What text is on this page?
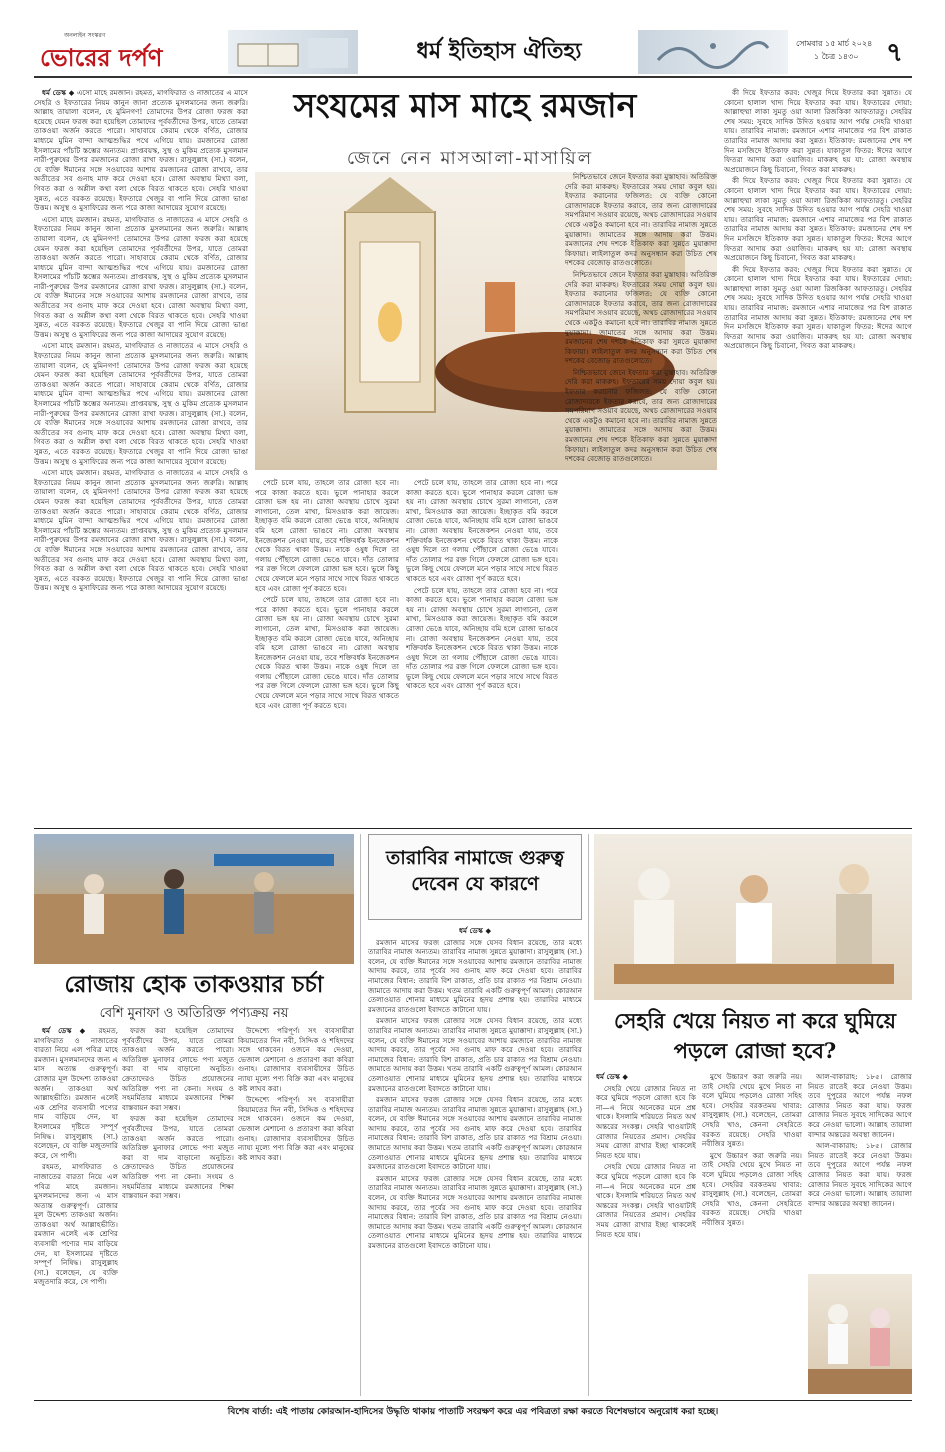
অনলাইন সংস্করণ
ভোরের দর্পণ	ধর্ম ইতিহাস ঐতিহ্য	সোমবার ১৫ মার্চ ২০২৪
১ চৈত্র ১৪৩০ ৭
সংযমের মাস মাহে রমজান
জেনে নেন মাসআলা-মাসায়িল

ধর্ম ডেস্ক ◆ এসো মাহে রমজান। রহমত, মাগফিরাত ও নাজাতের এ মাসে সেহরি ও ইফতারের নিয়ম কানুন জানা প্রত্যেক মুসলমানের জন্য জরুরি। আল্লাহ তায়ালা বলেন, হে মুমিনগণ! তোমাদের উপর রোজা ফরজ করা হয়েছে যেমন ফরজ করা হয়েছিল তোমাদের পূর্ববর্তীদের উপর, যাতে তোমরা তাকওয়া অর্জন করতে পারো। সাহাবায়ে কেরাম থেকে বর্ণিত, রোজার মাধ্যমে মুমিন বান্দা আত্মশুদ্ধির পথে এগিয়ে যায়। রমজানের রোজা ইসলামের পাঁচটি স্তম্ভের অন্যতম। প্রাপ্তবয়স্ক, সুস্থ ও মুকিম প্রত্যেক মুসলমান নারী-পুরুষের উপর রমজানের রোজা রাখা ফরজ। রাসুলুল্লাহ (সা.) বলেন, যে ব্যক্তি ঈমানের সঙ্গে সওয়াবের আশায় রমজানের রোজা রাখবে, তার অতীতের সব গুনাহ মাফ করে দেওয়া হবে। রোজা অবস্থায় মিথ্যা বলা, গিবত করা ও অশ্লীল কথা বলা থেকে বিরত থাকতে হবে। সেহরি খাওয়া সুন্নত, এতে বরকত রয়েছে। ইফতারে খেজুর বা পানি দিয়ে রোজা ভাঙা উত্তম। অসুস্থ ও মুসাফিরের জন্য পরে কাজা আদায়ের সুযোগ রয়েছে।

এসো মাহে রমজান। রহমত, মাগফিরাত ও নাজাতের এ মাসে সেহরি ও ইফতারের নিয়ম কানুন জানা প্রত্যেক মুসলমানের জন্য জরুরি। আল্লাহ তায়ালা বলেন, হে মুমিনগণ! তোমাদের উপর রোজা ফরজ করা হয়েছে যেমন ফরজ করা হয়েছিল তোমাদের পূর্ববর্তীদের উপর, যাতে তোমরা তাকওয়া অর্জন করতে পারো। সাহাবায়ে কেরাম থেকে বর্ণিত, রোজার মাধ্যমে মুমিন বান্দা আত্মশুদ্ধির পথে এগিয়ে যায়। রমজানের রোজা ইসলামের পাঁচটি স্তম্ভের অন্যতম। প্রাপ্তবয়স্ক, সুস্থ ও মুকিম প্রত্যেক মুসলমান নারী-পুরুষের উপর রমজানের রোজা রাখা ফরজ। রাসুলুল্লাহ (সা.) বলেন, যে ব্যক্তি ঈমানের সঙ্গে সওয়াবের আশায় রমজানের রোজা রাখবে, তার অতীতের সব গুনাহ মাফ করে দেওয়া হবে। রোজা অবস্থায় মিথ্যা বলা, গিবত করা ও অশ্লীল কথা বলা থেকে বিরত থাকতে হবে। সেহরি খাওয়া সুন্নত, এতে বরকত রয়েছে। ইফতারে খেজুর বা পানি দিয়ে রোজা ভাঙা উত্তম। অসুস্থ ও মুসাফিরের জন্য পরে কাজা আদায়ের সুযোগ রয়েছে।

এসো মাহে রমজান। রহমত, মাগফিরাত ও নাজাতের এ মাসে সেহরি ও ইফতারের নিয়ম কানুন জানা প্রত্যেক মুসলমানের জন্য জরুরি। আল্লাহ তায়ালা বলেন, হে মুমিনগণ! তোমাদের উপর রোজা ফরজ করা হয়েছে যেমন ফরজ করা হয়েছিল তোমাদের পূর্ববর্তীদের উপর, যাতে তোমরা তাকওয়া অর্জন করতে পারো। সাহাবায়ে কেরাম থেকে বর্ণিত, রোজার মাধ্যমে মুমিন বান্দা আত্মশুদ্ধির পথে এগিয়ে যায়। রমজানের রোজা ইসলামের পাঁচটি স্তম্ভের অন্যতম। প্রাপ্তবয়স্ক, সুস্থ ও মুকিম প্রত্যেক মুসলমান নারী-পুরুষের উপর রমজানের রোজা রাখা ফরজ। রাসুলুল্লাহ (সা.) বলেন, যে ব্যক্তি ঈমানের সঙ্গে সওয়াবের আশায় রমজানের রোজা রাখবে, তার অতীতের সব গুনাহ মাফ করে দেওয়া হবে। রোজা অবস্থায় মিথ্যা বলা, গিবত করা ও অশ্লীল কথা বলা থেকে বিরত থাকতে হবে। সেহরি খাওয়া সুন্নত, এতে বরকত রয়েছে। ইফতারে খেজুর বা পানি দিয়ে রোজা ভাঙা উত্তম। অসুস্থ ও মুসাফিরের জন্য পরে কাজা আদায়ের সুযোগ রয়েছে।

এসো মাহে রমজান। রহমত, মাগফিরাত ও নাজাতের এ মাসে সেহরি ও ইফতারের নিয়ম কানুন জানা প্রত্যেক মুসলমানের জন্য জরুরি। আল্লাহ তায়ালা বলেন, হে মুমিনগণ! তোমাদের উপর রোজা ফরজ করা হয়েছে যেমন ফরজ করা হয়েছিল তোমাদের পূর্ববর্তীদের উপর, যাতে তোমরা তাকওয়া অর্জন করতে পারো। সাহাবায়ে কেরাম থেকে বর্ণিত, রোজার মাধ্যমে মুমিন বান্দা আত্মশুদ্ধির পথে এগিয়ে যায়। রমজানের রোজা ইসলামের পাঁচটি স্তম্ভের অন্যতম। প্রাপ্তবয়স্ক, সুস্থ ও মুকিম প্রত্যেক মুসলমান নারী-পুরুষের উপর রমজানের রোজা রাখা ফরজ। রাসুলুল্লাহ (সা.) বলেন, যে ব্যক্তি ঈমানের সঙ্গে সওয়াবের আশায় রমজানের রোজা রাখবে, তার অতীতের সব গুনাহ মাফ করে দেওয়া হবে। রোজা অবস্থায় মিথ্যা বলা, গিবত করা ও অশ্লীল কথা বলা থেকে বিরত থাকতে হবে। সেহরি খাওয়া সুন্নত, এতে বরকত রয়েছে। ইফতারে খেজুর বা পানি দিয়ে রোজা ভাঙা উত্তম। অসুস্থ ও মুসাফিরের জন্য পরে কাজা আদায়ের সুযোগ রয়েছে।

পেটে চলে যায়, তাহলে তার রোজা হবে না। পরে কাজা করতে হবে। ভুলে পানাহার করলে রোজা ভঙ্গ হয় না। রোজা অবস্থায় চোখে সুরমা লাগানো, তেল মাখা, মিসওয়াক করা জায়েজ। ইচ্ছাকৃত বমি করলে রোজা ভেঙে যাবে, অনিচ্ছায় বমি হলে রোজা ভাঙবে না। রোজা অবস্থায় ইনজেকশন নেওয়া যায়, তবে শক্তিবর্ধক ইনজেকশন থেকে বিরত থাকা উত্তম। নাকে ওষুধ দিলে তা গলায় পৌঁছালে রোজা ভেঙে যাবে। দাঁত তোলার পর রক্ত গিলে ফেললে রোজা ভঙ্গ হবে। ভুলে কিছু খেয়ে ফেললে মনে পড়ার সাথে সাথে বিরত থাকতে হবে এবং রোজা পূর্ণ করতে হবে।

পেটে চলে যায়, তাহলে তার রোজা হবে না। পরে কাজা করতে হবে। ভুলে পানাহার করলে রোজা ভঙ্গ হয় না। রোজা অবস্থায় চোখে সুরমা লাগানো, তেল মাখা, মিসওয়াক করা জায়েজ। ইচ্ছাকৃত বমি করলে রোজা ভেঙে যাবে, অনিচ্ছায় বমি হলে রোজা ভাঙবে না। রোজা অবস্থায় ইনজেকশন নেওয়া যায়, তবে শক্তিবর্ধক ইনজেকশন থেকে বিরত থাকা উত্তম। নাকে ওষুধ দিলে তা গলায় পৌঁছালে রোজা ভেঙে যাবে। দাঁত তোলার পর রক্ত গিলে ফেললে রোজা ভঙ্গ হবে। ভুলে কিছু খেয়ে ফেললে মনে পড়ার সাথে সাথে বিরত থাকতে হবে এবং রোজা পূর্ণ করতে হবে।

পেটে চলে যায়, তাহলে তার রোজা হবে না। পরে কাজা করতে হবে। ভুলে পানাহার করলে রোজা ভঙ্গ হয় না। রোজা অবস্থায় চোখে সুরমা লাগানো, তেল মাখা, মিসওয়াক করা জায়েজ। ইচ্ছাকৃত বমি করলে রোজা ভেঙে যাবে, অনিচ্ছায় বমি হলে রোজা ভাঙবে না। রোজা অবস্থায় ইনজেকশন নেওয়া যায়, তবে শক্তিবর্ধক ইনজেকশন থেকে বিরত থাকা উত্তম। নাকে ওষুধ দিলে তা গলায় পৌঁছালে রোজা ভেঙে যাবে। দাঁত তোলার পর রক্ত গিলে ফেললে রোজা ভঙ্গ হবে। ভুলে কিছু খেয়ে ফেললে মনে পড়ার সাথে সাথে বিরত থাকতে হবে এবং রোজা পূর্ণ করতে হবে।

পেটে চলে যায়, তাহলে তার রোজা হবে না। পরে কাজা করতে হবে। ভুলে পানাহার করলে রোজা ভঙ্গ হয় না। রোজা অবস্থায় চোখে সুরমা লাগানো, তেল মাখা, মিসওয়াক করা জায়েজ। ইচ্ছাকৃত বমি করলে রোজা ভেঙে যাবে, অনিচ্ছায় বমি হলে রোজা ভাঙবে না। রোজা অবস্থায় ইনজেকশন নেওয়া যায়, তবে শক্তিবর্ধক ইনজেকশন থেকে বিরত থাকা উত্তম। নাকে ওষুধ দিলে তা গলায় পৌঁছালে রোজা ভেঙে যাবে। দাঁত তোলার পর রক্ত গিলে ফেললে রোজা ভঙ্গ হবে। ভুলে কিছু খেয়ে ফেললে মনে পড়ার সাথে সাথে বিরত থাকতে হবে এবং রোজা পূর্ণ করতে হবে।

নিশ্চিতভাবে জেনে ইফতার করা মুস্তাহাব। অতিরিক্ত দেরি করা মাকরুহ। ইফতারের সময় দোয়া কবুল হয়। ইফতার করানোর ফজিলত: যে ব্যক্তি কোনো রোজাদারকে ইফতার করাবে, তার জন্য রোজাদারের সমপরিমাণ সওয়াব রয়েছে, অথচ রোজাদারের সওয়াব থেকে একটুও কমানো হবে না। তারাবির নামাজ সুন্নতে মুয়াক্কাদা। জামাতের সঙ্গে আদায় করা উত্তম। রমজানের শেষ দশকে ইতিকাফ করা সুন্নতে মুয়াক্কাদা কিফায়া। লাইলাতুল কদর অনুসন্ধান করা উচিত শেষ দশকের বেজোড় রাতগুলোতে।

নিশ্চিতভাবে জেনে ইফতার করা মুস্তাহাব। অতিরিক্ত দেরি করা মাকরুহ। ইফতারের সময় দোয়া কবুল হয়। ইফতার করানোর ফজিলত: যে ব্যক্তি কোনো রোজাদারকে ইফতার করাবে, তার জন্য রোজাদারের সমপরিমাণ সওয়াব রয়েছে, অথচ রোজাদারের সওয়াব থেকে একটুও কমানো হবে না। তারাবির নামাজ সুন্নতে মুয়াক্কাদা। জামাতের সঙ্গে আদায় করা উত্তম। রমজানের শেষ দশকে ইতিকাফ করা সুন্নতে মুয়াক্কাদা কিফায়া। লাইলাতুল কদর অনুসন্ধান করা উচিত শেষ দশকের বেজোড় রাতগুলোতে।

নিশ্চিতভাবে জেনে ইফতার করা মুস্তাহাব। অতিরিক্ত দেরি করা মাকরুহ। ইফতারের সময় দোয়া কবুল হয়। ইফতার করানোর ফজিলত: যে ব্যক্তি কোনো রোজাদারকে ইফতার করাবে, তার জন্য রোজাদারের সমপরিমাণ সওয়াব রয়েছে, অথচ রোজাদারের সওয়াব থেকে একটুও কমানো হবে না। তারাবির নামাজ সুন্নতে মুয়াক্কাদা। জামাতের সঙ্গে আদায় করা উত্তম। রমজানের শেষ দশকে ইতিকাফ করা সুন্নতে মুয়াক্কাদা কিফায়া। লাইলাতুল কদর অনুসন্ধান করা উচিত শেষ দশকের বেজোড় রাতগুলোতে।

কী দিয়ে ইফতার করব: খেজুর দিয়ে ইফতার করা সুন্নাত। যে কোনো হালাল খাদ্য দিয়ে ইফতার করা যায়। ইফতারের দোয়া: আল্লাহুম্মা লাকা সুমতু ওয়া আলা রিজকিকা আফতারতু। সেহরির শেষ সময়: সুবহে সাদিক উদিত হওয়ার আগ পর্যন্ত সেহরি খাওয়া যায়। তারাবির নামাজ: রমজানে এশার নামাজের পর বিশ রাকাত তারাবির নামাজ আদায় করা সুন্নত। ইতিকাফ: রমজানের শেষ দশ দিন মসজিদে ইতিকাফ করা সুন্নত। যাকাতুল ফিতর: ঈদের আগে ফিতরা আদায় করা ওয়াজিব। মাকরুহ হয় যা: রোজা অবস্থায় অপ্রয়োজনে কিছু চিবানো, গিবত করা মাকরুহ।

কী দিয়ে ইফতার করব: খেজুর দিয়ে ইফতার করা সুন্নাত। যে কোনো হালাল খাদ্য দিয়ে ইফতার করা যায়। ইফতারের দোয়া: আল্লাহুম্মা লাকা সুমতু ওয়া আলা রিজকিকা আফতারতু। সেহরির শেষ সময়: সুবহে সাদিক উদিত হওয়ার আগ পর্যন্ত সেহরি খাওয়া যায়। তারাবির নামাজ: রমজানে এশার নামাজের পর বিশ রাকাত তারাবির নামাজ আদায় করা সুন্নত। ইতিকাফ: রমজানের শেষ দশ দিন মসজিদে ইতিকাফ করা সুন্নত। যাকাতুল ফিতর: ঈদের আগে ফিতরা আদায় করা ওয়াজিব। মাকরুহ হয় যা: রোজা অবস্থায় অপ্রয়োজনে কিছু চিবানো, গিবত করা মাকরুহ।

কী দিয়ে ইফতার করব: খেজুর দিয়ে ইফতার করা সুন্নাত। যে কোনো হালাল খাদ্য দিয়ে ইফতার করা যায়। ইফতারের দোয়া: আল্লাহুম্মা লাকা সুমতু ওয়া আলা রিজকিকা আফতারতু। সেহরির শেষ সময়: সুবহে সাদিক উদিত হওয়ার আগ পর্যন্ত সেহরি খাওয়া যায়। তারাবির নামাজ: রমজানে এশার নামাজের পর বিশ রাকাত তারাবির নামাজ আদায় করা সুন্নত। ইতিকাফ: রমজানের শেষ দশ দিন মসজিদে ইতিকাফ করা সুন্নত। যাকাতুল ফিতর: ঈদের আগে ফিতরা আদায় করা ওয়াজিব। মাকরুহ হয় যা: রোজা অবস্থায় অপ্রয়োজনে কিছু চিবানো, গিবত করা মাকরুহ।

রোজায় হোক তাকওয়ার চর্চা
বেশি মুনাফা ও অতিরিক্ত পণ্যক্রয় নয়

ধর্ম ডেস্ক ◆ রহমত, মাগফিরাত ও নাজাতের বারতা নিয়ে এল পবিত্র মাহে রমজান। মুসলমানদের জন্য এ মাস অত্যন্ত গুরুত্বপূর্ণ। রোজার মূল উদ্দেশ্য তাকওয়া অর্জন। তাকওয়া অর্থ আল্লাহভীতি। রমজান এলেই এক শ্রেণির ব্যবসায়ী পণ্যের দাম বাড়িয়ে দেন, যা ইসলামের দৃষ্টিতে সম্পূর্ণ নিষিদ্ধ। রাসুলুল্লাহ (সা.) বলেছেন, যে ব্যক্তি মজুতদারি করে, সে পাপী।

রহমত, মাগফিরাত ও নাজাতের বারতা নিয়ে এল পবিত্র মাহে রমজান। মুসলমানদের জন্য এ মাস অত্যন্ত গুরুত্বপূর্ণ। রোজার মূল উদ্দেশ্য তাকওয়া অর্জন। তাকওয়া অর্থ আল্লাহভীতি। রমজান এলেই এক শ্রেণির ব্যবসায়ী পণ্যের দাম বাড়িয়ে দেন, যা ইসলামের দৃষ্টিতে সম্পূর্ণ নিষিদ্ধ। রাসুলুল্লাহ (সা.) বলেছেন, যে ব্যক্তি মজুতদারি করে, সে পাপী।

ফরজ করা হয়েছিল তোমাদের পূর্ববর্তীদের উপর, যাতে তোমরা তাকওয়া অর্জন করতে পারো। অতিরিক্ত মুনাফার লোভে পণ্য মজুত করা বা দাম বাড়ানো অনুচিত। ক্রেতাদেরও উচিত প্রয়োজনের অতিরিক্ত পণ্য না কেনা। সংযম ও সহমর্মিতার মাধ্যমে রমজানের শিক্ষা বাস্তবায়ন করা সম্ভব।

ফরজ করা হয়েছিল তোমাদের পূর্ববর্তীদের উপর, যাতে তোমরা তাকওয়া অর্জন করতে পারো। অতিরিক্ত মুনাফার লোভে পণ্য মজুত করা বা দাম বাড়ানো অনুচিত। ক্রেতাদেরও উচিত প্রয়োজনের অতিরিক্ত পণ্য না কেনা। সংযম ও সহমর্মিতার মাধ্যমে রমজানের শিক্ষা বাস্তবায়ন করা সম্ভব।

উদ্দেশ্যে পরিপূর্ণ। সৎ ব্যবসায়ীরা কিয়ামতের দিন নবী, সিদ্দিক ও শহিদদের সঙ্গে থাকবেন। ওজনে কম দেওয়া, ভেজাল মেশানো ও প্রতারণা করা কবিরা গুনাহ। রোজাদার ব্যবসায়ীদের উচিত ন্যায্য মূল্যে পণ্য বিক্রি করা এবং মানুষের কষ্ট লাঘব করা।

উদ্দেশ্যে পরিপূর্ণ। সৎ ব্যবসায়ীরা কিয়ামতের দিন নবী, সিদ্দিক ও শহিদদের সঙ্গে থাকবেন। ওজনে কম দেওয়া, ভেজাল মেশানো ও প্রতারণা করা কবিরা গুনাহ। রোজাদার ব্যবসায়ীদের উচিত ন্যায্য মূল্যে পণ্য বিক্রি করা এবং মানুষের কষ্ট লাঘব করা।

তারাবির নামাজে গুরুত্ব দেবেন যে কারণে

ধর্ম ডেস্ক ◆

রমজান মাসের ফরজ রোজার সঙ্গে যেসব বিধান রয়েছে, তার মধ্যে তারাবির নামাজ অন্যতম। তারাবির নামাজ সুন্নতে মুয়াক্কাদা। রাসুলুল্লাহ (সা.) বলেন, যে ব্যক্তি ঈমানের সঙ্গে সওয়াবের আশায় রমজানে তারাবির নামাজ আদায় করবে, তার পূর্বের সব গুনাহ মাফ করে দেওয়া হবে। তারাবির নামাজের বিধান: তারাবি বিশ রাকাত, প্রতি চার রাকাত পর বিশ্রাম নেওয়া। জামাতে আদায় করা উত্তম। খতম তারাবি একটি গুরুত্বপূর্ণ আমল। কোরআন তেলাওয়াত শোনার মাধ্যমে মুমিনের হৃদয় প্রশান্ত হয়। তারাবির মাধ্যমে রমজানের রাতগুলো ইবাদতে কাটানো যায়।

রমজান মাসের ফরজ রোজার সঙ্গে যেসব বিধান রয়েছে, তার মধ্যে তারাবির নামাজ অন্যতম। তারাবির নামাজ সুন্নতে মুয়াক্কাদা। রাসুলুল্লাহ (সা.) বলেন, যে ব্যক্তি ঈমানের সঙ্গে সওয়াবের আশায় রমজানে তারাবির নামাজ আদায় করবে, তার পূর্বের সব গুনাহ মাফ করে দেওয়া হবে। তারাবির নামাজের বিধান: তারাবি বিশ রাকাত, প্রতি চার রাকাত পর বিশ্রাম নেওয়া। জামাতে আদায় করা উত্তম। খতম তারাবি একটি গুরুত্বপূর্ণ আমল। কোরআন তেলাওয়াত শোনার মাধ্যমে মুমিনের হৃদয় প্রশান্ত হয়। তারাবির মাধ্যমে রমজানের রাতগুলো ইবাদতে কাটানো যায়।

রমজান মাসের ফরজ রোজার সঙ্গে যেসব বিধান রয়েছে, তার মধ্যে তারাবির নামাজ অন্যতম। তারাবির নামাজ সুন্নতে মুয়াক্কাদা। রাসুলুল্লাহ (সা.) বলেন, যে ব্যক্তি ঈমানের সঙ্গে সওয়াবের আশায় রমজানে তারাবির নামাজ আদায় করবে, তার পূর্বের সব গুনাহ মাফ করে দেওয়া হবে। তারাবির নামাজের বিধান: তারাবি বিশ রাকাত, প্রতি চার রাকাত পর বিশ্রাম নেওয়া। জামাতে আদায় করা উত্তম। খতম তারাবি একটি গুরুত্বপূর্ণ আমল। কোরআন তেলাওয়াত শোনার মাধ্যমে মুমিনের হৃদয় প্রশান্ত হয়। তারাবির মাধ্যমে রমজানের রাতগুলো ইবাদতে কাটানো যায়।

রমজান মাসের ফরজ রোজার সঙ্গে যেসব বিধান রয়েছে, তার মধ্যে তারাবির নামাজ অন্যতম। তারাবির নামাজ সুন্নতে মুয়াক্কাদা। রাসুলুল্লাহ (সা.) বলেন, যে ব্যক্তি ঈমানের সঙ্গে সওয়াবের আশায় রমজানে তারাবির নামাজ আদায় করবে, তার পূর্বের সব গুনাহ মাফ করে দেওয়া হবে। তারাবির নামাজের বিধান: তারাবি বিশ রাকাত, প্রতি চার রাকাত পর বিশ্রাম নেওয়া। জামাতে আদায় করা উত্তম। খতম তারাবি একটি গুরুত্বপূর্ণ আমল। কোরআন তেলাওয়াত শোনার মাধ্যমে মুমিনের হৃদয় প্রশান্ত হয়। তারাবির মাধ্যমে রমজানের রাতগুলো ইবাদতে কাটানো যায়।

সেহরি খেয়ে নিয়ত না করে ঘুমিয়ে পড়লে রোজা হবে?

ধর্ম ডেস্ক ◆

সেহরি খেয়ে রোজার নিয়ত না করে ঘুমিয়ে পড়লে রোজা হবে কি না—এ নিয়ে অনেকের মনে প্রশ্ন থাকে। ইসলামি শরিয়তে নিয়ত অর্থ অন্তরের সংকল্প। সেহরি খাওয়াটাই রোজার নিয়তের প্রমাণ। সেহরির সময় রোজা রাখার ইচ্ছা থাকলেই নিয়ত হয়ে যায়।

সেহরি খেয়ে রোজার নিয়ত না করে ঘুমিয়ে পড়লে রোজা হবে কি না—এ নিয়ে অনেকের মনে প্রশ্ন থাকে। ইসলামি শরিয়তে নিয়ত অর্থ অন্তরের সংকল্প। সেহরি খাওয়াটাই রোজার নিয়তের প্রমাণ। সেহরির সময় রোজা রাখার ইচ্ছা থাকলেই নিয়ত হয়ে যায়।

মুখে উচ্চারণ করা জরুরি নয়। তাই সেহরি খেয়ে মুখে নিয়ত না বলে ঘুমিয়ে পড়লেও রোজা সহিহ হবে। সেহরির বরকতময় খাবার: রাসুলুল্লাহ (সা.) বলেছেন, তোমরা সেহরি খাও, কেননা সেহরিতে বরকত রয়েছে। সেহরি খাওয়া নবীজির সুন্নত।

মুখে উচ্চারণ করা জরুরি নয়। তাই সেহরি খেয়ে মুখে নিয়ত না বলে ঘুমিয়ে পড়লেও রোজা সহিহ হবে। সেহরির বরকতময় খাবার: রাসুলুল্লাহ (সা.) বলেছেন, তোমরা সেহরি খাও, কেননা সেহরিতে বরকত রয়েছে। সেহরি খাওয়া নবীজির সুন্নত।

আল-বাকারাহ: ১৮৫। রোজার নিয়ত রাতেই করে নেওয়া উত্তম। তবে দুপুরের আগে পর্যন্ত নফল রোজার নিয়ত করা যায়। ফরজ রোজার নিয়ত সুবহে সাদিকের আগে করে নেওয়া ভালো। আল্লাহ তায়ালা বান্দার অন্তরের অবস্থা জানেন।

আল-বাকারাহ: ১৮৫। রোজার নিয়ত রাতেই করে নেওয়া উত্তম। তবে দুপুরের আগে পর্যন্ত নফল রোজার নিয়ত করা যায়। ফরজ রোজার নিয়ত সুবহে সাদিকের আগে করে নেওয়া ভালো। আল্লাহ তায়ালা বান্দার অন্তরের অবস্থা জানেন।

বিশেষ বার্তা: এই পাতায় কোরআন-হাদিসের উদ্ধৃতি থাকায় পাতাটি সংরক্ষণ করে এর পবিত্রতা রক্ষা করতে বিশেষভাবে অনুরোধ করা হচ্ছে।
